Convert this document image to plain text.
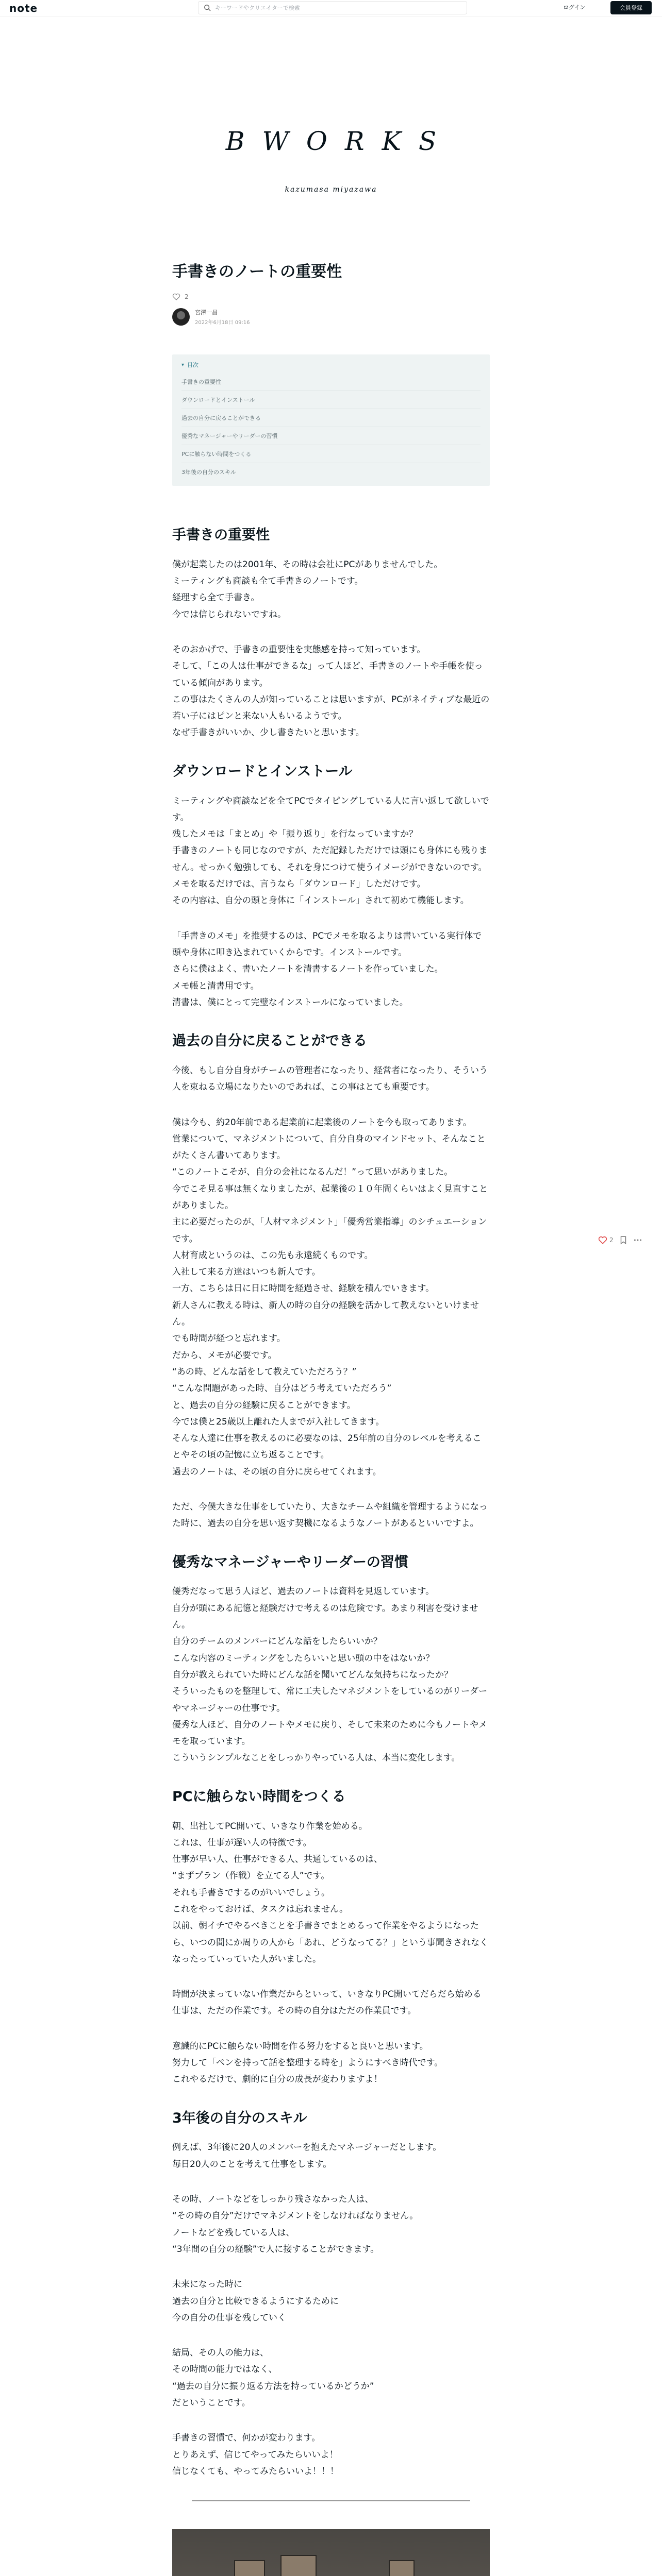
note
キーワードやクリエイターで検索	ログイン	会員登録
BWORKS
kazumasa miyazawa
手書きのノートの重要性
2
宮澤一昌
2022年6月18日 09:16
▾ 目次
手書きの重要性
ダウンロードとインストール
過去の自分に戻ることができる
優秀なマネージャーやリーダーの習慣
PCに触らない時間をつくる
3年後の自分のスキル
手書きの重要性

僕が起業したのは2001年、その時は会社にPCがありませんでした。
ミーティングも商談も全て手書きのノートです。
経理すら全て手書き。
今では信じられないですね。

そのおかげで、手書きの重要性を実態感を持って知っています。
そして、「この人は仕事ができるな」って人ほど、手書きのノートや手帳を使っている傾向があります。
この事はたくさんの人が知っていることは思いますが、PCがネイティブな最近の若い子にはピンと来ない人もいるようです。
なぜ手書きがいいか、少し書きたいと思います。

ダウンロードとインストール

ミーティングや商談などを全てPCでタイピングしている人に言い返して欲しいです。
残したメモは「まとめ」や「振り返り」を行なっていますか？
手書きのノートも同じなのですが、ただ記録しただけでは頭にも身体にも残りません。せっかく勉強しても、それを身につけて使うイメージができないのです。
メモを取るだけでは、言うなら「ダウンロード」しただけです。
その内容は、自分の頭と身体に「インストール」されて初めて機能します。

「手書きのメモ」を推奨するのは、PCでメモを取るよりは書いている実行体で頭や身体に叩き込まれていくからです。インストールです。
さらに僕はよく、書いたノートを清書するノートを作っていました。
メモ帳と清書用です。
清書は、僕にとって完璧なインストールになっていました。

過去の自分に戻ることができる

今後、もし自分自身がチームの管理者になったり、経営者になったり、そういう人を束ねる立場になりたいのであれば、この事はとても重要です。

僕は今も、約20年前である起業前に起業後のノートを今も取ってあります。
営業について、マネジメントについて、自分自身のマインドセット、そんなことがたくさん書いてあります。
“このノートこそが、自分の会社になるんだ！”って思いがありました。
今でこそ見る事は無くなりましたが、起業後の１０年間くらいはよく見直すことがありました。
主に必要だったのが、「人材マネジメント」「優秀営業指導」のシチュエーションです。
人材育成というのは、この先も永遠続くものです。
入社して来る方達はいつも新人です。
一方、こちらは日に日に時間を経過させ、経験を積んでいきます。
新人さんに教える時は、新人の時の自分の経験を活かして教えないといけません。
でも時間が経つと忘れます。
だから、メモが必要です。
“あの時、どんな話をして教えていただろう？”
“こんな問題があった時、自分はどう考えていただろう”
と、過去の自分の経験に戻ることができます。
今では僕と25歳以上離れた人までが入社してきます。
そんな人達に仕事を教えるのに必要なのは、25年前の自分のレベルを考えることやその頃の記憶に立ち返ることです。
過去のノートは、その頃の自分に戻らせてくれます。

ただ、今僕大きな仕事をしていたり、大きなチームや組織を管理するようになった時に、過去の自分を思い返す契機になるようなノートがあるといいですよ。

優秀なマネージャーやリーダーの習慣

優秀だなって思う人ほど、過去のノートは資料を見返しています。
自分が頭にある記憶と経験だけで考えるのは危険です。あまり利害を受けません。
自分のチームのメンバーにどんな話をしたらいいか？
こんな内容のミーティングをしたらいいと思い頭の中をはないか？
自分が教えられていた時にどんな話を聞いてどんな気持ちになったか？
そういったものを整理して、常に工夫したマネジメントをしているのがリーダーやマネージャーの仕事です。
優秀な人ほど、自分のノートやメモに戻り、そして未来のために今もノートやメモを取っています。
こういうシンプルなことをしっかりやっている人は、本当に変化します。

PCに触らない時間をつくる

朝、出社してPC開いて、いきなり作業を始める。
これは、仕事が遅い人の特徴です。
仕事が早い人、仕事ができる人、共通しているのは、
“まずプラン（作戦）を立てる人”です。
それも手書きでするのがいいでしょう。
これをやっておけば、タスクは忘れません。
以前、朝イチでやるべきことを手書きでまとめるって作業をやるようになったら、いつの間にか周りの人から「あれ、どうなってる？」という事聞きされなくなったっていっていた人がいました。

時間が決まっていない作業だからといって、いきなりPC開いてだらだら始める仕事は、ただの作業です。その時の自分はただの作業員です。

意識的にPCに触らない時間を作る努力をすると良いと思います。
努力して「ペンを持って話を整理する時を」ようにすべき時代です。
これやるだけで、劇的に自分の成長が変わりますよ！

3年後の自分のスキル

例えば、3年後に20人のメンバーを抱えたマネージャーだとします。
毎日20人のことを考えて仕事をします。

その時、ノートなどをしっかり残さなかった人は、
“その時の自分”だけでマネジメントをしなければなりません。
ノートなどを残している人は、
“3年間の自分の経験”で人に接することができます。

未来になった時に
過去の自分と比較できるようにするために
今の自分の仕事を残していく

結局、その人の能力は、
その時間の能力ではなく、
“過去の自分に振り返る方法を持っているかどうか”
だということです。

手書きの習慣で、何かが変わります。
とりあえず、信じてやってみたらいいよ！
信じなくても、やってみたらいいよ！！！

2
